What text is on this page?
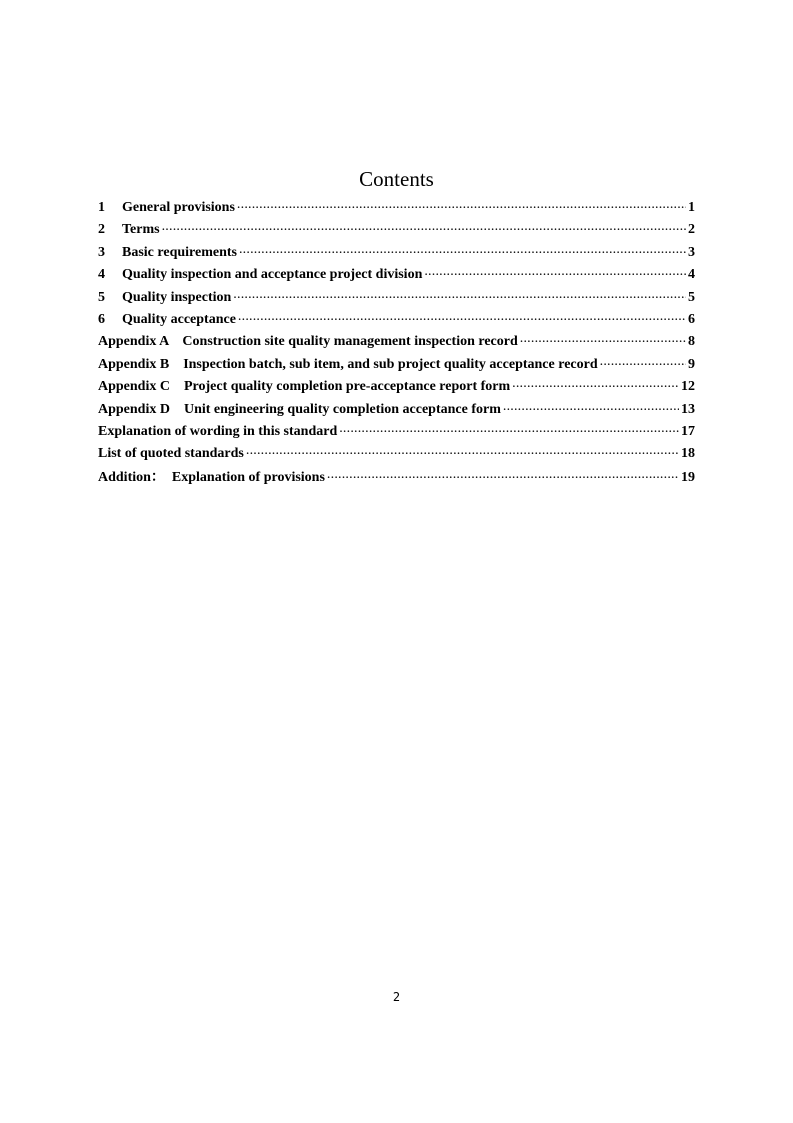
Contents
1	General provisions .....	1
2	Terms .....	2
3	Basic requirements .....	3
4	Quality inspection and acceptance project division .....	4
5	Quality inspection .....	5
6	Quality acceptance .....	6
Appendix A    Construction site quality management inspection record .....	8
Appendix B    Inspection batch, sub item, and sub project quality acceptance record .....	9
Appendix C    Project quality completion pre-acceptance report form .....	12
Appendix D    Unit engineering quality completion acceptance form .....	13
Explanation of wording in this standard .....	17
List of quoted standards .....	18
Addition：  Explanation of provisions .....	19
2
